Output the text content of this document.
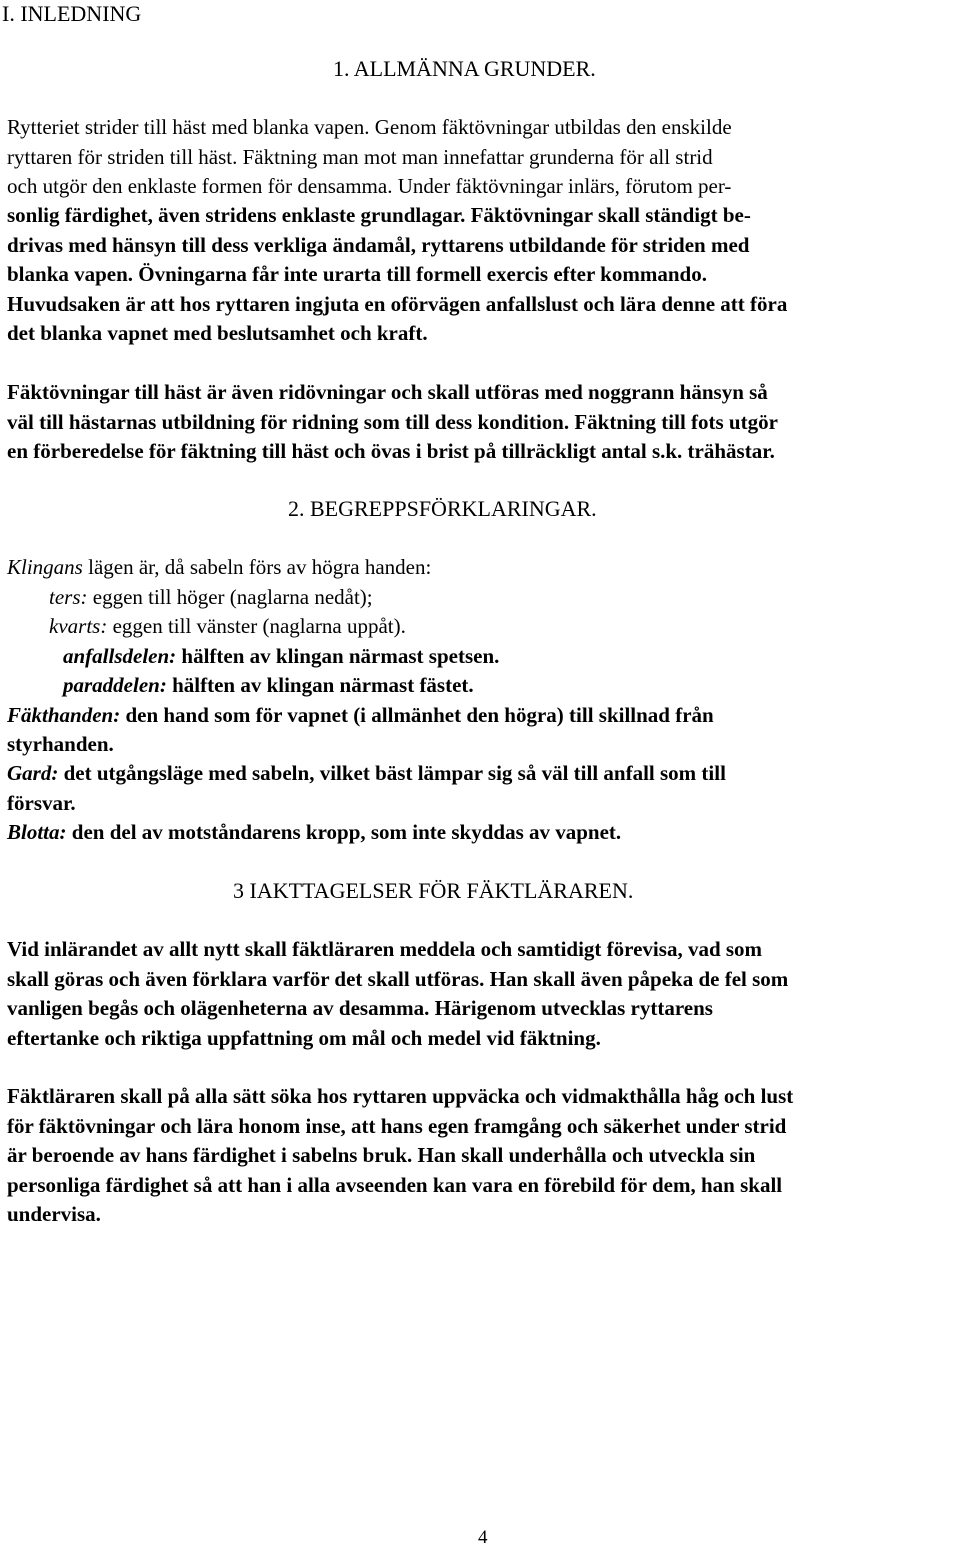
I. INLEDNING
1. ALLMÄNNA GRUNDER.
Rytteriet strider till häst med blanka vapen. Genom fäktövningar utbildas den enskilde
ryttaren för striden till häst. Fäktning man mot man innefattar grunderna för all strid
och utgör den enklaste formen för densamma. Under fäktövningar inlärs, förutom per-
sonlig färdighet, även stridens enklaste grundlagar. Fäktövningar skall ständigt be-
drivas med hänsyn till dess verkliga ändamål, ryttarens utbildande för striden med
blanka vapen. Övningarna får inte urarta till formell exercis efter kommando.
Huvudsaken är att hos ryttaren ingjuta en oförvägen anfallslust och lära denne att föra
det blanka vapnet med beslutsamhet och kraft.
Fäktövningar till häst är även ridövningar och skall utföras med noggrann hänsyn så
väl till hästarnas utbildning för ridning som till dess kondition. Fäktning till fots utgör
en förberedelse för fäktning till häst och övas i brist på tillräckligt antal s.k. trähästar.
2. BEGREPPSFÖRKLARINGAR.
Klingans lägen är, då sabeln förs av högra handen:
ters: eggen till höger (naglarna nedåt);
kvarts: eggen till vänster (naglarna uppåt).
anfallsdelen: hälften av klingan närmast spetsen.
paraddelen: hälften av klingan närmast fästet.
Fäkthanden: den hand som för vapnet (i allmänhet den högra) till skillnad från
styrhanden.
Gard: det utgångsläge med sabeln, vilket bäst lämpar sig så väl till anfall som till
försvar.
Blotta: den del av motståndarens kropp, som inte skyddas av vapnet.
3 IAKTTAGELSER FÖR FÄKTLÄRAREN.
Vid inlärandet av allt nytt skall fäktläraren meddela och samtidigt förevisa, vad som
skall göras och även förklara varför det skall utföras. Han skall även påpeka de fel som
vanligen begås och olägenheterna av desamma. Härigenom utvecklas ryttarens
eftertanke och riktiga uppfattning om mål och medel vid fäktning.
Fäktläraren skall på alla sätt söka hos ryttaren uppväcka och vidmakthålla håg och lust
för fäktövningar och lära honom inse, att hans egen framgång och säkerhet under strid
är beroende av hans färdighet i sabelns bruk. Han skall underhålla och utveckla sin
personliga färdighet så att han i alla avseenden kan vara en förebild för dem, han skall
undervisa.
4
